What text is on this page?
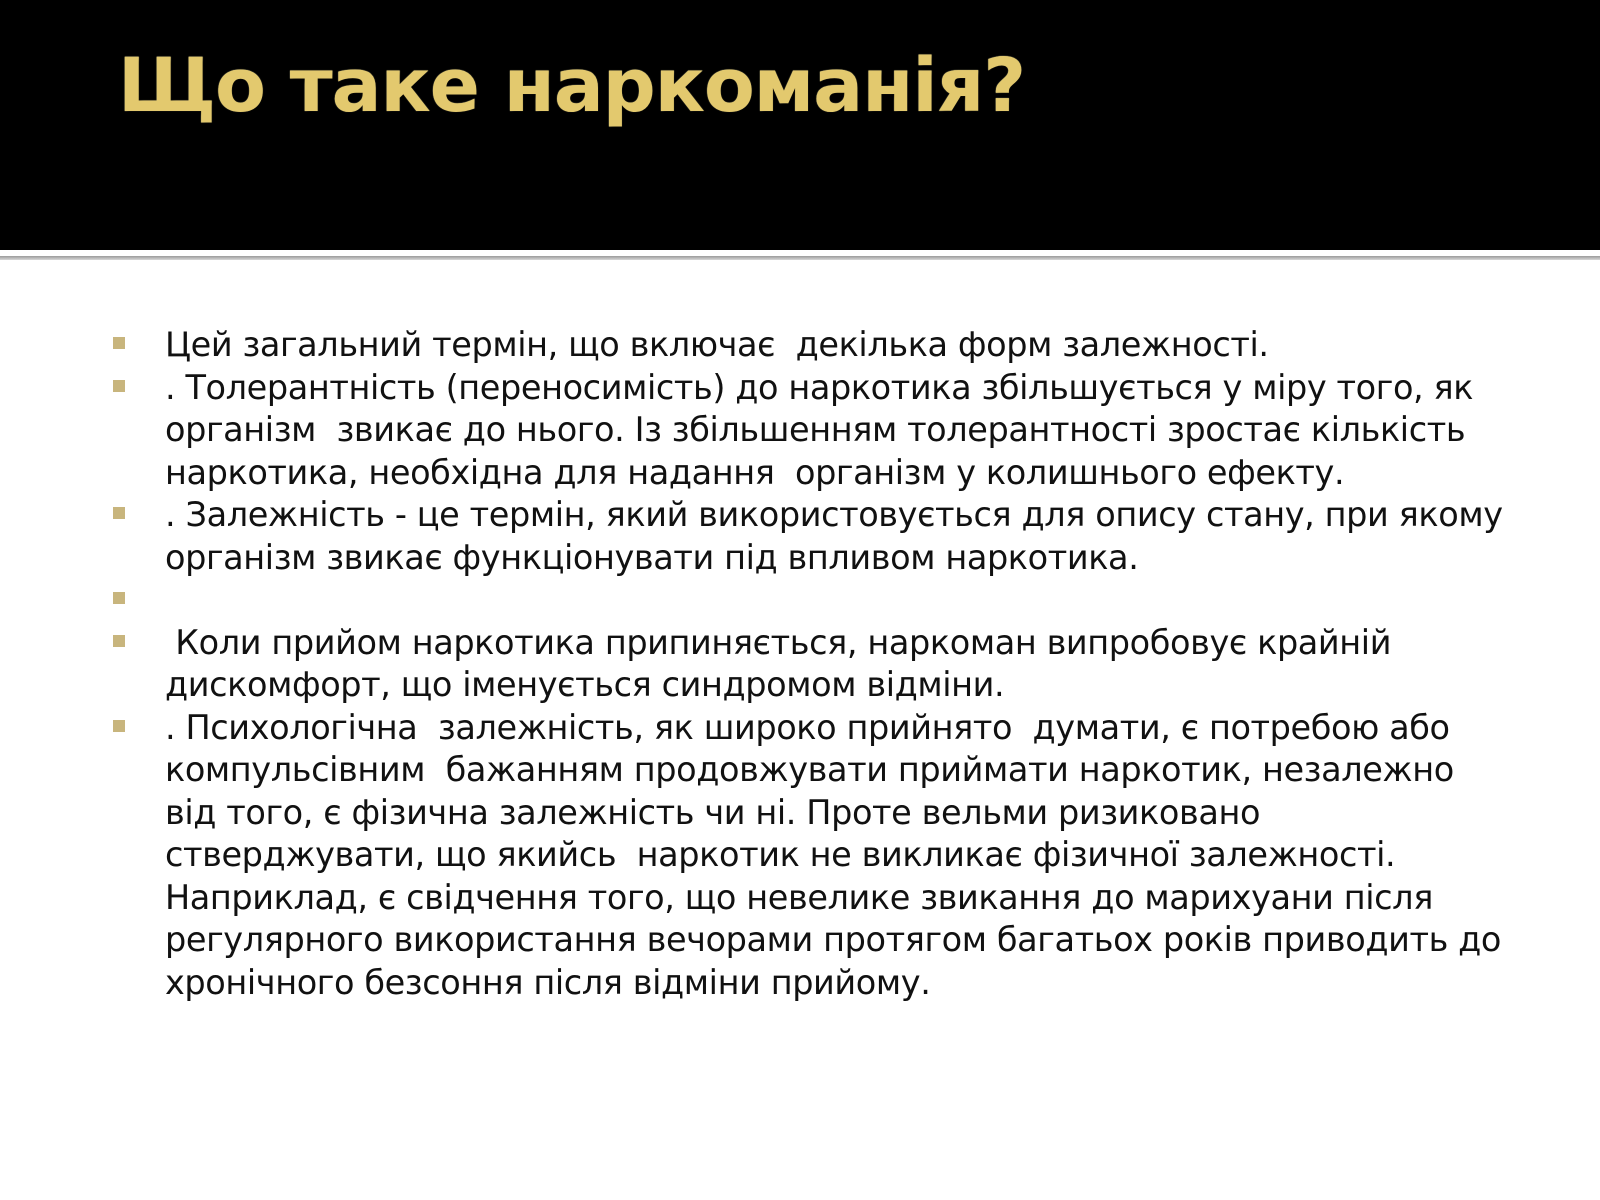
Що таке наркоманія?
Цей загальний термін, що включає  декілька форм залежності.
. Толерантність (переносимість) до наркотика збільшується у міру того, як організм  звикає до нього. Із збільшенням толерантності зростає кількість наркотика, необхідна для надання  організм у колишнього ефекту.
. Залежність - це термін, який використовується для опису стану, при якому організм звикає функціонувати під впливом наркотика.
Коли прийом наркотика припиняється, наркоман випробовує крайній дискомфорт, що іменується синдромом відміни.
. Психологічна  залежність, як широко прийнято  думати, є потребою або компульсівним  бажанням продовжувати приймати наркотик, незалежно від того, є фізична залежність чи ні. Проте вельми ризиковано стверджувати, що якийсь  наркотик не викликає фізичної залежності. Наприклад, є свідчення того, що невелике звикання до марихуани після регулярного використання вечорами протягом багатьох років приводить до хронічного безсоння після відміни прийому.
